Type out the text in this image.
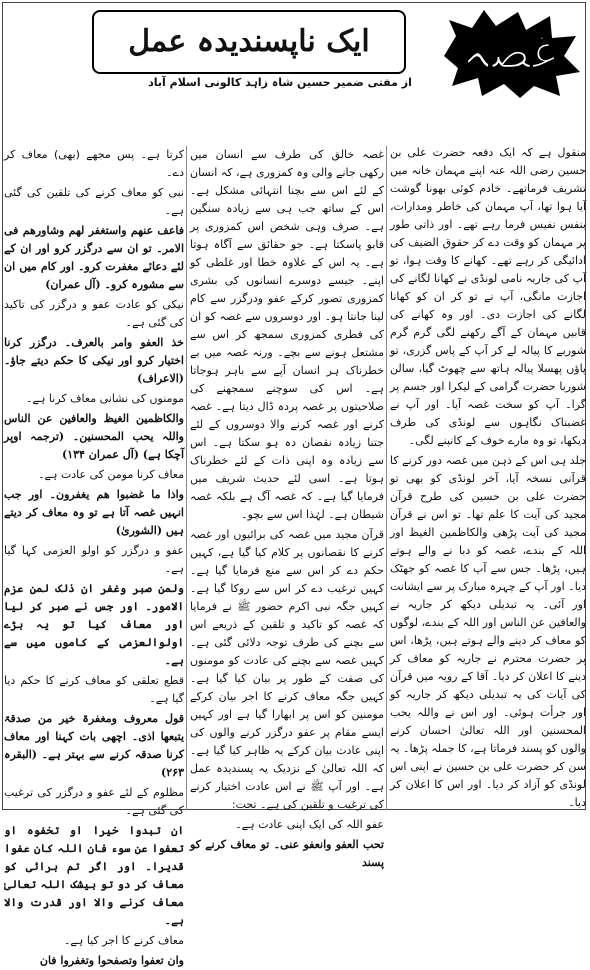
غصہ
ایک ناپسندیدہ عمل
از مفتی ضمیر حسین شاہ زاہد کالونی اسلام آباد

منقول ہے کہ ایک دفعہ حضرت علی بن حسین رضی اللہ عنہ اپنے مہمان خانہ میں تشریف فرماتھے۔ خادم کوئی بھونا گوشت آیا ہوا تھا، آپ مہمان کی خاطر ومدارات، بنفس نفیس فرما رہے تھے۔ اور ذاتی طور پر مہمان کو وقت دے کر حقوق الضیف کی ادائیگی کر رہے تھے۔ کھانے کا وقت ہوا، تو آپ کی جاریہ نامی لونڈی نے کھانا لگانے کی اجازت مانگی، آپ نے تو کر ان کو کھانا لگانے کی اجازت دی۔ اور وہ کھانے کی قابیں مہمان کے آگے رکھنے لگی گرم گرم شوربے کا پیالہ لے کر آپ کے پاس گزری، تو پاؤں پھسلا پیالہ ہاتھ سے چھوٹ گیا، سالن شوربا حضرت گرامی کے لیکرا اور جسم پر گرا۔ آپ کو سخت غصہ آیا۔ اور آپ نے غضبناک نگاہوں سے لونڈی کی طرف دیکھا، تو وہ مارے خوف کے کانپنے لگی۔

جلد ہی اس کے ذہن میں غصہ دور کرنے کا قرآنی نسخہ آیا، آخر لونڈی کو بھی تو حضرت علی بن حسین کی طرح قرآن مجید کی آیت کا علم تھا۔ تو اس نے قرآن مجید کی آیت پڑھی والکاظمین الغیظ اور اللہ کے بندے، غصہ کو دبا نے والے ہوتے ہیں، پڑھا۔ جس سے آپ کا غصہ کو جھٹک دیا۔ اور آپ کے چہرہ مبارک پر سے ایشانت اور آئی۔ یہ تبدیلی دیکھ کر جاریہ نے والعافین عن الناس اور اللہ کے بندے، لوگوں کو معاف کر دینے والے ہوتے ہیں، پڑھا، اس پر حضرت محترم نے جاریہ کو معاف کر دینے کا اعلان کر دیا۔ آقا کے رویہ میں قرآن کی آیات کی یہ تبدیلی دیکھ کر جاریہ کو اور جرأت ہوئی۔ اور اس نے واللہ یحب المحسنین اور اللہ تعالیٰ احسان کرنے والوں کو پسند فرماتا ہے، کا جملہ پڑھا۔ یہ سن کر حضرت علی بن حسین نے اپنی اس لونڈی کو آزاد کر دیا۔ اور اس کا اعلان کر دیا۔

غصہ خالق کی طرف سے انسان میں رکھی جانے والی وہ کمزوری ہے، کہ انسان کے لئے اس سے بچنا انتہائی مشکل ہے۔ اس کے ساتھ جب ہی سے زیادہ سنگین ہے۔ صرف وہی شخص اس کمزوری پر قابو پاسکتا ہے۔ جو حقائق سے آگاہ ہوتا ہے۔ یہ اس کے علاوہ خطا اور غلطی کو اپنے۔ جیسے دوسرے انسانوں کی بشری کمزوری تصور کرکے عفو ودرگزر سے کام لینا جانتا ہو۔ اور دوسروں سے غصہ کو ان کی فطری کمزوری سمجھ کر اس سے مشتعل ہونے سے بچے۔ ورنہ غصہ میں بے خطرناک ہر انسان آپے سے باہر ہوجاتا ہے۔ اس کی سوچنے سمجھنے کی صلاحیتوں پر غصہ پردہ ڈال دیتا ہے۔ غصہ کرنے اور غصہ کرنے والا دوسروں کے لئے جتنا زیادہ نقصان دہ ہو سکتا ہے۔ اس سے زیادہ وہ اپنی ذات کے لئے خطرناک ہوتا ہے۔ اسی لئے حدیث شریف میں فرمایا گیا ہے۔ کہ غصہ آگ ہے بلکہ غصہ شیطان ہے۔ لہٰذا اس سے بچو۔

قرآن مجید میں غصہ کی برائیوں اور غصہ کرنے کا نقصانوں پر کلام کیا گیا ہے، کہیں حکم دے کر اس سے منع فرمایا گیا ہے۔ کہیں ترغیب دے کر اس سے روکا گیا ہے۔ کہیں جگہ نبی اکرم حضور ﷺ نے فرمایا کہ غصہ کو تاکید و تلقین کے ذریعے اس سے بچنے کی طرف توجہ دلائی گئی ہے۔ کہیں غصہ سے بچنے کی عادت کو مومنوں کی صفت کے طور پر بیان کیا گیا ہے۔ کہیں جگہ معاف کرنے کا اجر بیان کرکے مومنین کو اس پر ابھارا گیا ہے اور کہیں ایسے مقام پر عفو درگزر کرنے والوں کی اپنی عادت بیان کرکے یہ ظاہر کیا گیا ہے۔ کہ اللہ تعالیٰ کے نزدیک یہ پسندیدہ عمل ہے۔ اور آپ ﷺ نے اس عادت اختیار کرنے کی ترغیب و تلقین کی ہے۔ تحت:

عفو اللہ کی ایک اپنی عادت ہے۔

تحب العفو وانعفو عنی۔ تو معاف کرنے کو پسند

کرتا ہے۔ پس مجھے (بھی) معاف کر دے۔

نبی کو معاف کرنے کی تلقین کی گئی ہے۔

فاعف عنھم واستغفر لھم وشاورھم فی الامر۔ تو ان سے درگزر کرو اور ان کے لئے دعائے مغفرت کرو۔ اور کام میں ان سے مشورہ کرو۔ (آل عمران)

نیکی کو عادت عفو و درگزر کی تاکید کی گئی ہے۔

خذ العفو وامر بالعرف۔ درگزر کرنا اختیار کرو اور نیکی کا حکم دیتے جاؤ۔ (الاعراف)

مومنوں کی نشانی معاف کرنا ہے۔

والکاظمین الغیظ والعافین عن الناس واللہ یحب المحسنین۔ (ترجمہ اوپر آچکا ہے) (آل عمران ۱۳۴)

معاف کرنا مومن کی عادت ہے۔

واذا ما غضبوا ھم یغفرون۔ اور جب انہیں غصہ آتا ہے تو وہ معاف کر دیتے ہیں (الشوریٰ)

عفو و درگزر کو اولو العزمی کہا گیا ہے۔

ولمن صبر وغفر ان ذلک لمن عزم الامور۔ اور جس نے صبر کر لیا اور معاف کیا تو یہ بڑے اولوالعزمی کے کاموں میں سے ہے۔

قطع تعلقی کو معاف کرنے کا حکم دیا گیا ہے۔

قول معروف ومغفرۃ خیر من صدقۃ یتبعھا اذی۔ اچھی بات کہنا اور معاف کرنا صدقہ کرنے سے بہتر ہے۔ (البقرہ ۲۶۳)

مظلوم کے لئے عفو و درگزر کی ترغیب کی گئی ہے۔

ان تبدوا خیرا او تخفوہ او تعفوا عن سوء فان اللہ کان عفوا قدیرا۔ اور اگر تم برائی کو معاف کر دو تو بیشک اللہ تعالیٰ معاف کرنے والا اور قدرت والا ہے۔

معاف کرنے کا اجر کیا ہے۔

وان تعفوا وتصفحوا وتغفروا فان
